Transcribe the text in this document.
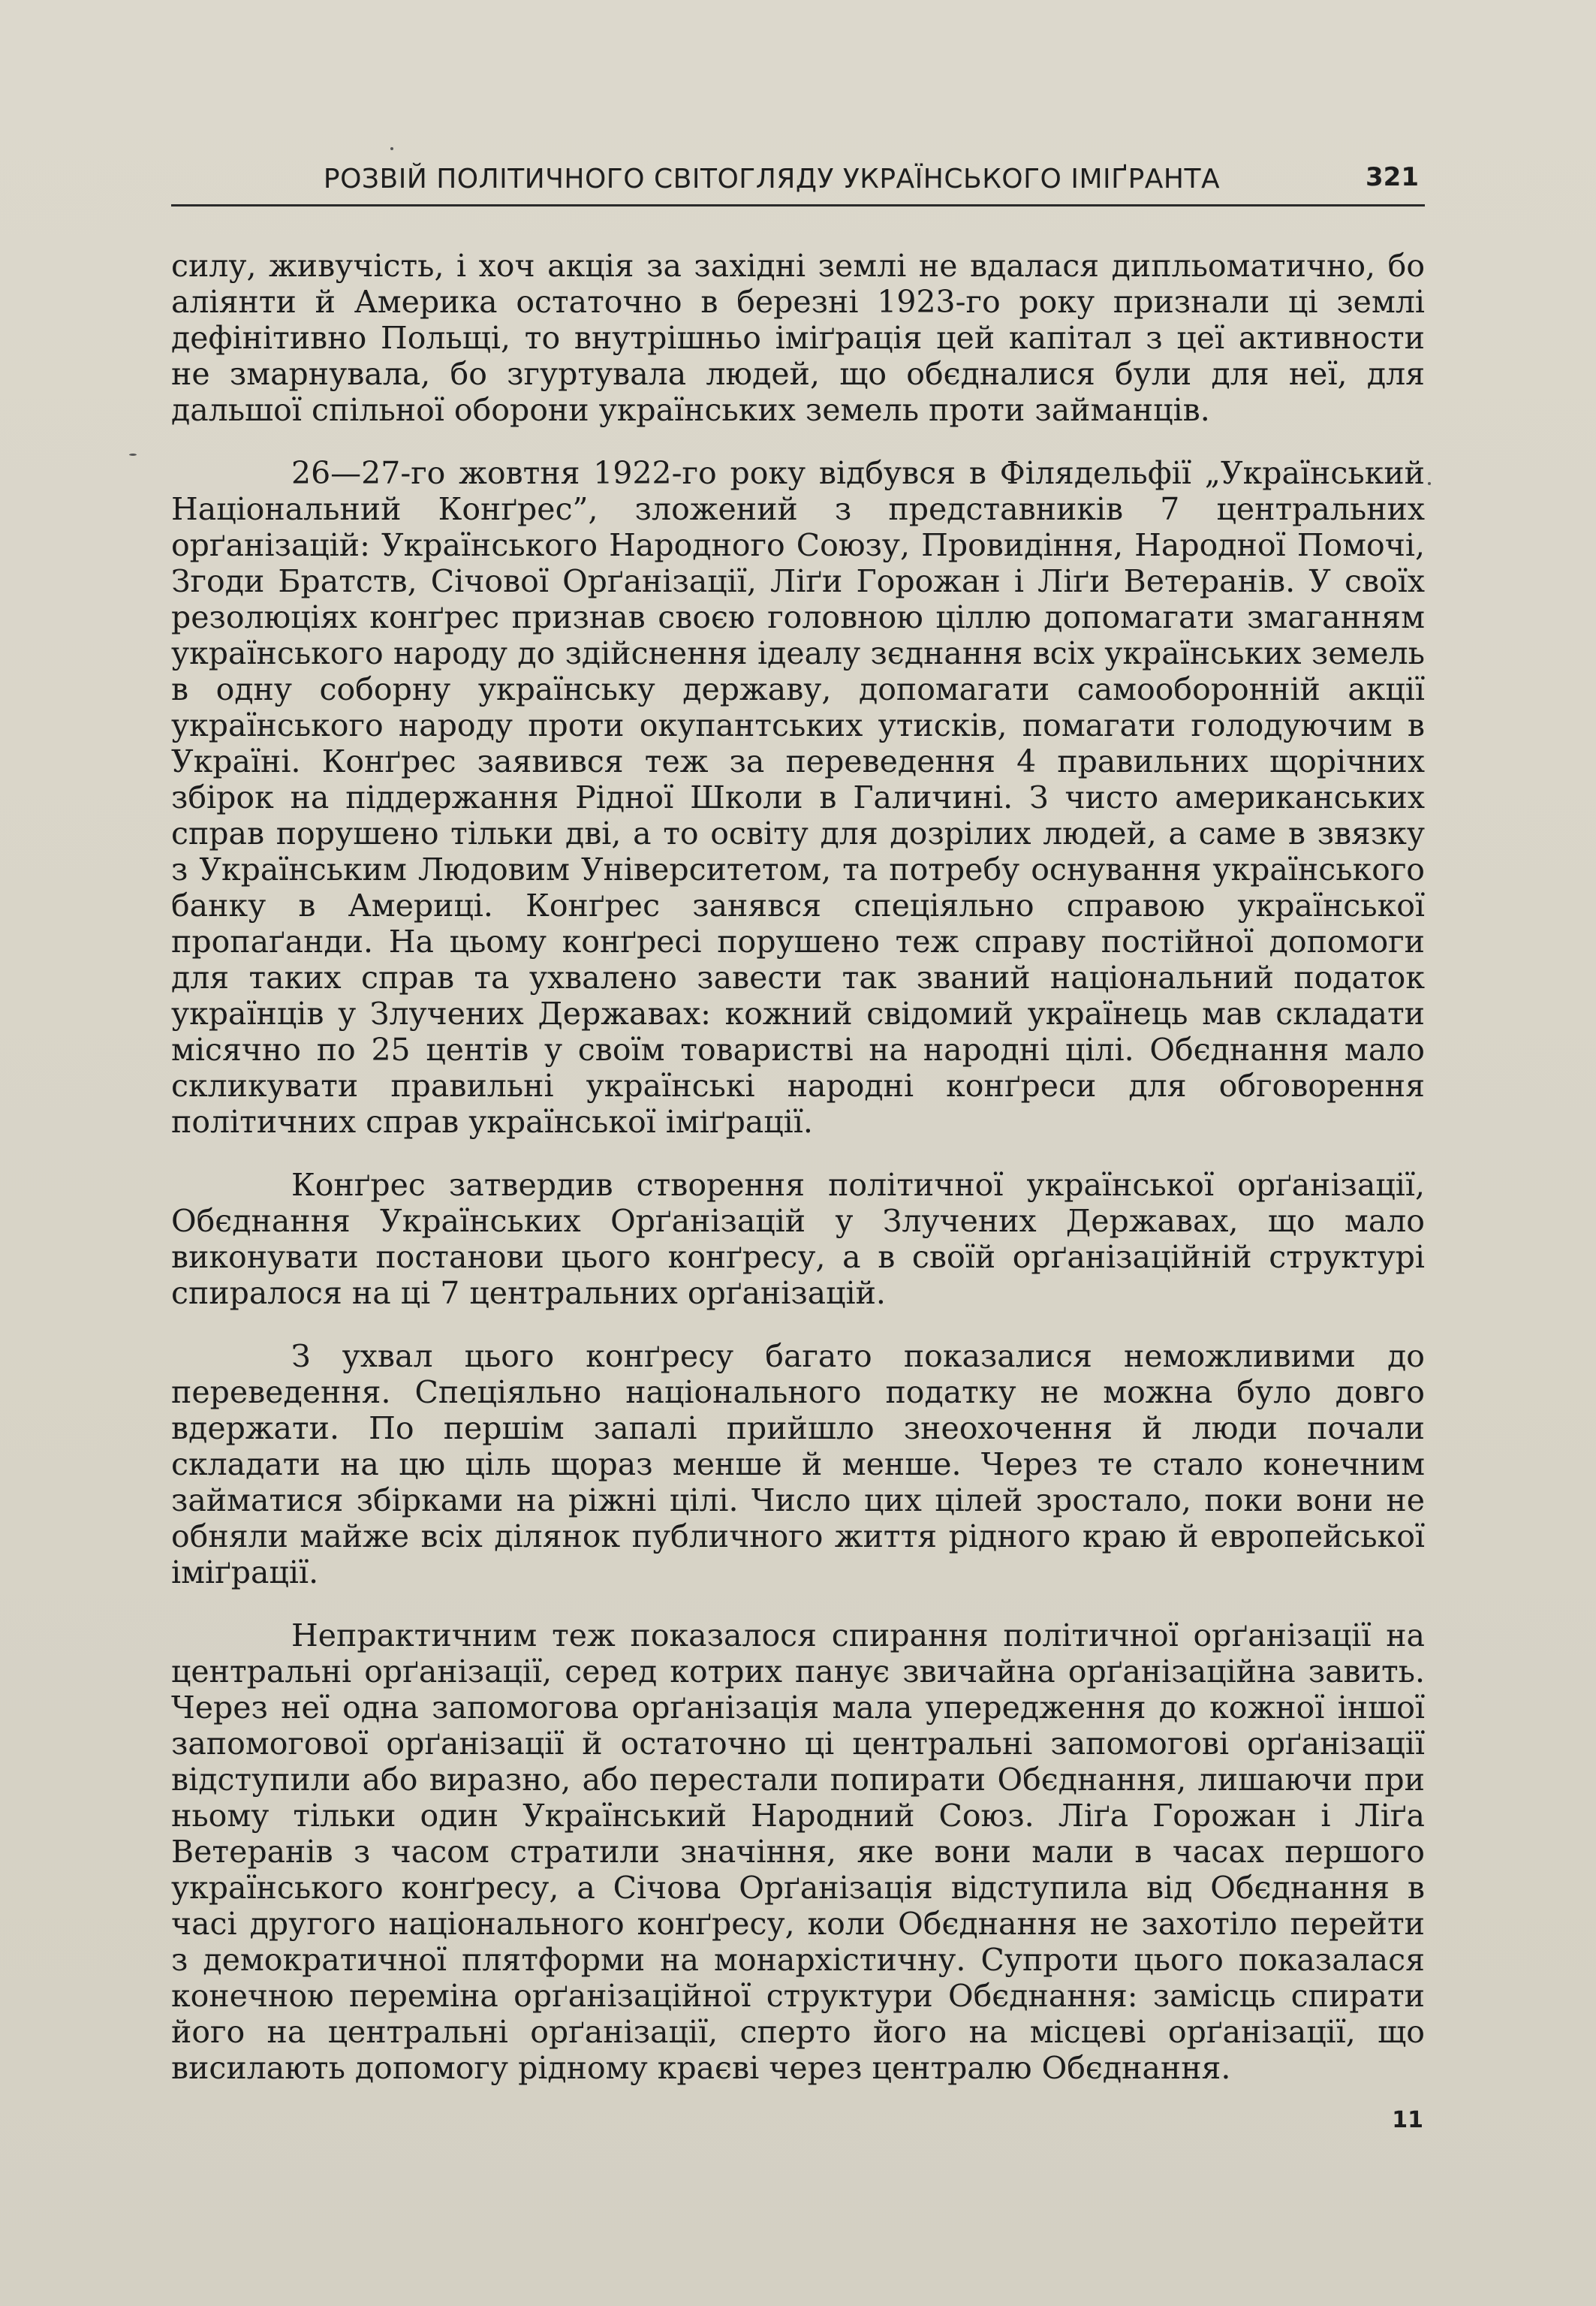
РОЗВІЙ ПОЛІТИЧНОГО СВІТОГЛЯДУ УКРАЇНСЬКОГО ІМІҐРАНТА	321

силу, живучість, і хоч акція за західні землі не вдалася дипльоматично, бо аліянти й Америка остаточно в березні 1923-го року признали ці землі дефінітивно Польщі, то внутрішньо іміґрація цей капітал з цеї активности не змарнувала, бо згуртувала людей, що обєдналися були для неї, для дальшої спільної оборони українських земель проти займанців.

26—27-го жовтня 1922-го року відбувся в Філядельфії „Український Національний Конґрес”, зложений з представників 7 центральних орґанізацій: Українського Народного Союзу, Провидіння, Народної Помочі, Згоди Братств, Січової Орґанізації, Ліґи Горожан і Ліґи Ветеранів. У своїх резолюціях конґрес признав своєю головною ціллю допомагати змаганням українського народу до здійснення ідеалу зєднання всіх українських земель в одну соборну українську державу, допомагати самооборонній акції українського народу проти окупантських утисків, помагати голодуючим в Україні. Конґрес заявився теж за переведення 4 правильних щорічних збірок на піддержання Рідної Школи в Галичині. З чисто американських справ порушено тільки дві, а то освіту для дозрілих людей, а саме в звязку з Українським Людовим Університетом, та потребу оснування українського банку в Америці. Конґрес занявся спеціяльно справою української пропаґанди. На цьому конґресі порушено теж справу постійної допомоги для таких справ та ухвалено завести так званий національний податок українців у Злучених Державах: кожний свідомий українець мав складати місячно по 25 центів у своїм товаристві на народні цілі. Обєднання мало скликувати правильні українські народні конґреси для обговорення політичних справ української іміґрації.

Конґрес затвердив створення політичної української орґанізації, Обєднання Українських Орґанізацій у Злучених Державах, що мало виконувати постанови цього конґресу, а в своїй орґанізаційній структурі спиралося на ці 7 центральних орґанізацій.

З ухвал цього конґресу багато показалися неможливими до переведення. Спеціяльно національного податку не можна було довго вдержати. По першім запалі прийшло знеохочення й люди почали складати на цю ціль щораз менше й менше. Через те стало конечним займатися збірками на ріжні цілі. Число цих цілей зростало, поки вони не обняли майже всіх ділянок публичного життя рідного краю й европейської іміґрації.

Непрактичним теж показалося спирання політичної орґанізації на центральні орґанізації, серед котрих панує звичайна орґанізаційна завить. Через неї одна запомогова орґанізація мала упередження до кожної іншої запомогової орґанізації й остаточно ці центральні запомогові орґанізації відступили або виразно, або перестали попирати Обєднання, лишаючи при ньому тільки один Український Народний Союз. Ліґа Горожан і Ліґа Ветеранів з часом стратили значіння, яке вони мали в часах першого українського конґресу, а Січова Орґанізація відступила від Обєднання в часі другого національного конґресу, коли Обєднання не захотіло перейти з демократичної плятформи на монархістичну. Супроти цього показалася конечною переміна орґанізаційної структури Обєднання: замісць спирати його на центральні орґанізації, сперто його на місцеві орґанізації, що висилають допомогу рідному краєві через централю Обєднання.

11
